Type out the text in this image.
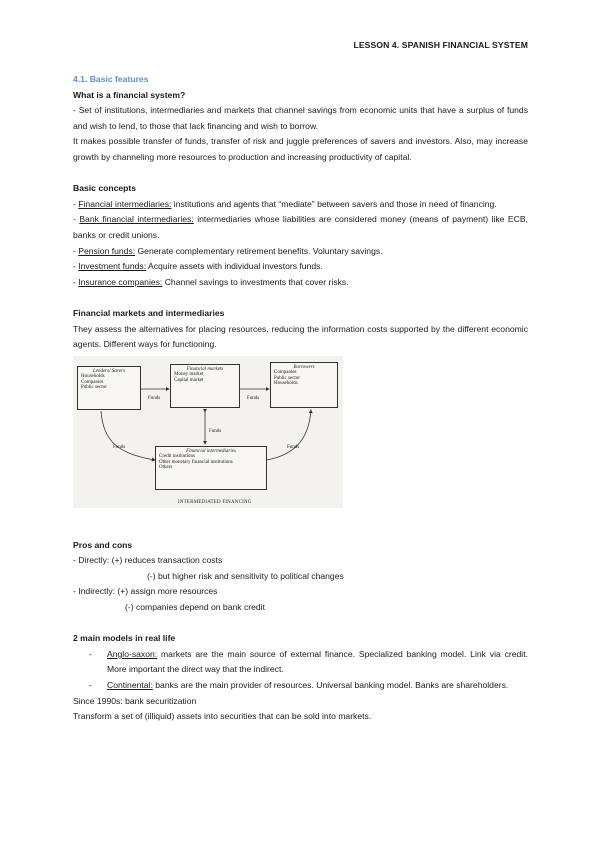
LESSON 4. SPANISH FINANCIAL SYSTEM

4.1. Basic features

What is a financial system?

- Set of institutions, intermediaries and markets that channel savings from economic units that have a surplus of funds and wish to lend, to those that lack financing and wish to borrow.

It makes possible transfer of funds, transfer of risk and juggle preferences of savers and investors. Also, may increase growth by channeling more resources to production and increasing productivity of capital.

Basic concepts

- Financial intermediaries: institutions and agents that “mediate” between savers and those in need of financing.

- Bank financial intermediaries: intermediaries whose liabilities are considered money (means of payment) like ECB, banks or credit unions.

- Pension funds: Generate complementary retirement benefits. Voluntary savings.

- Investment funds: Acquire assets with individual investors funds.

- Insurance companies: Channel savings to investments that cover risks.

Financial markets and intermediaries

They assess the alternatives for placing resources, reducing the information costs supported by the different economic agents. Different ways for functioning.

Lenders/ Savers
Households
Companies
Public sector
Financial markets
Money market
Capital market
Borrowers
Companies
Public sector
Households
Financial intermediaries
Credit institutions
Other monetary financial institutions
Others
Funds	Funds
Funds
Funds	Funds
INTERMEDIATED FINANCING

Pros and cons

- Directly: (+) reduces transaction costs

(-) but higher risk and sensitivity to political changes

- Indirectly: (+) assign more resources

(-) companies depend on bank credit

2 main models in real life

- Anglo-saxon: markets are the main source of external finance. Specialized banking model. Link via credit. More important the direct way that the indirect.
- Continental: banks are the main provider of resources. Universal banking model. Banks are shareholders.

Since 1990s: bank securitization

Transform a set of (illiquid) assets into securities that can be sold into markets.
